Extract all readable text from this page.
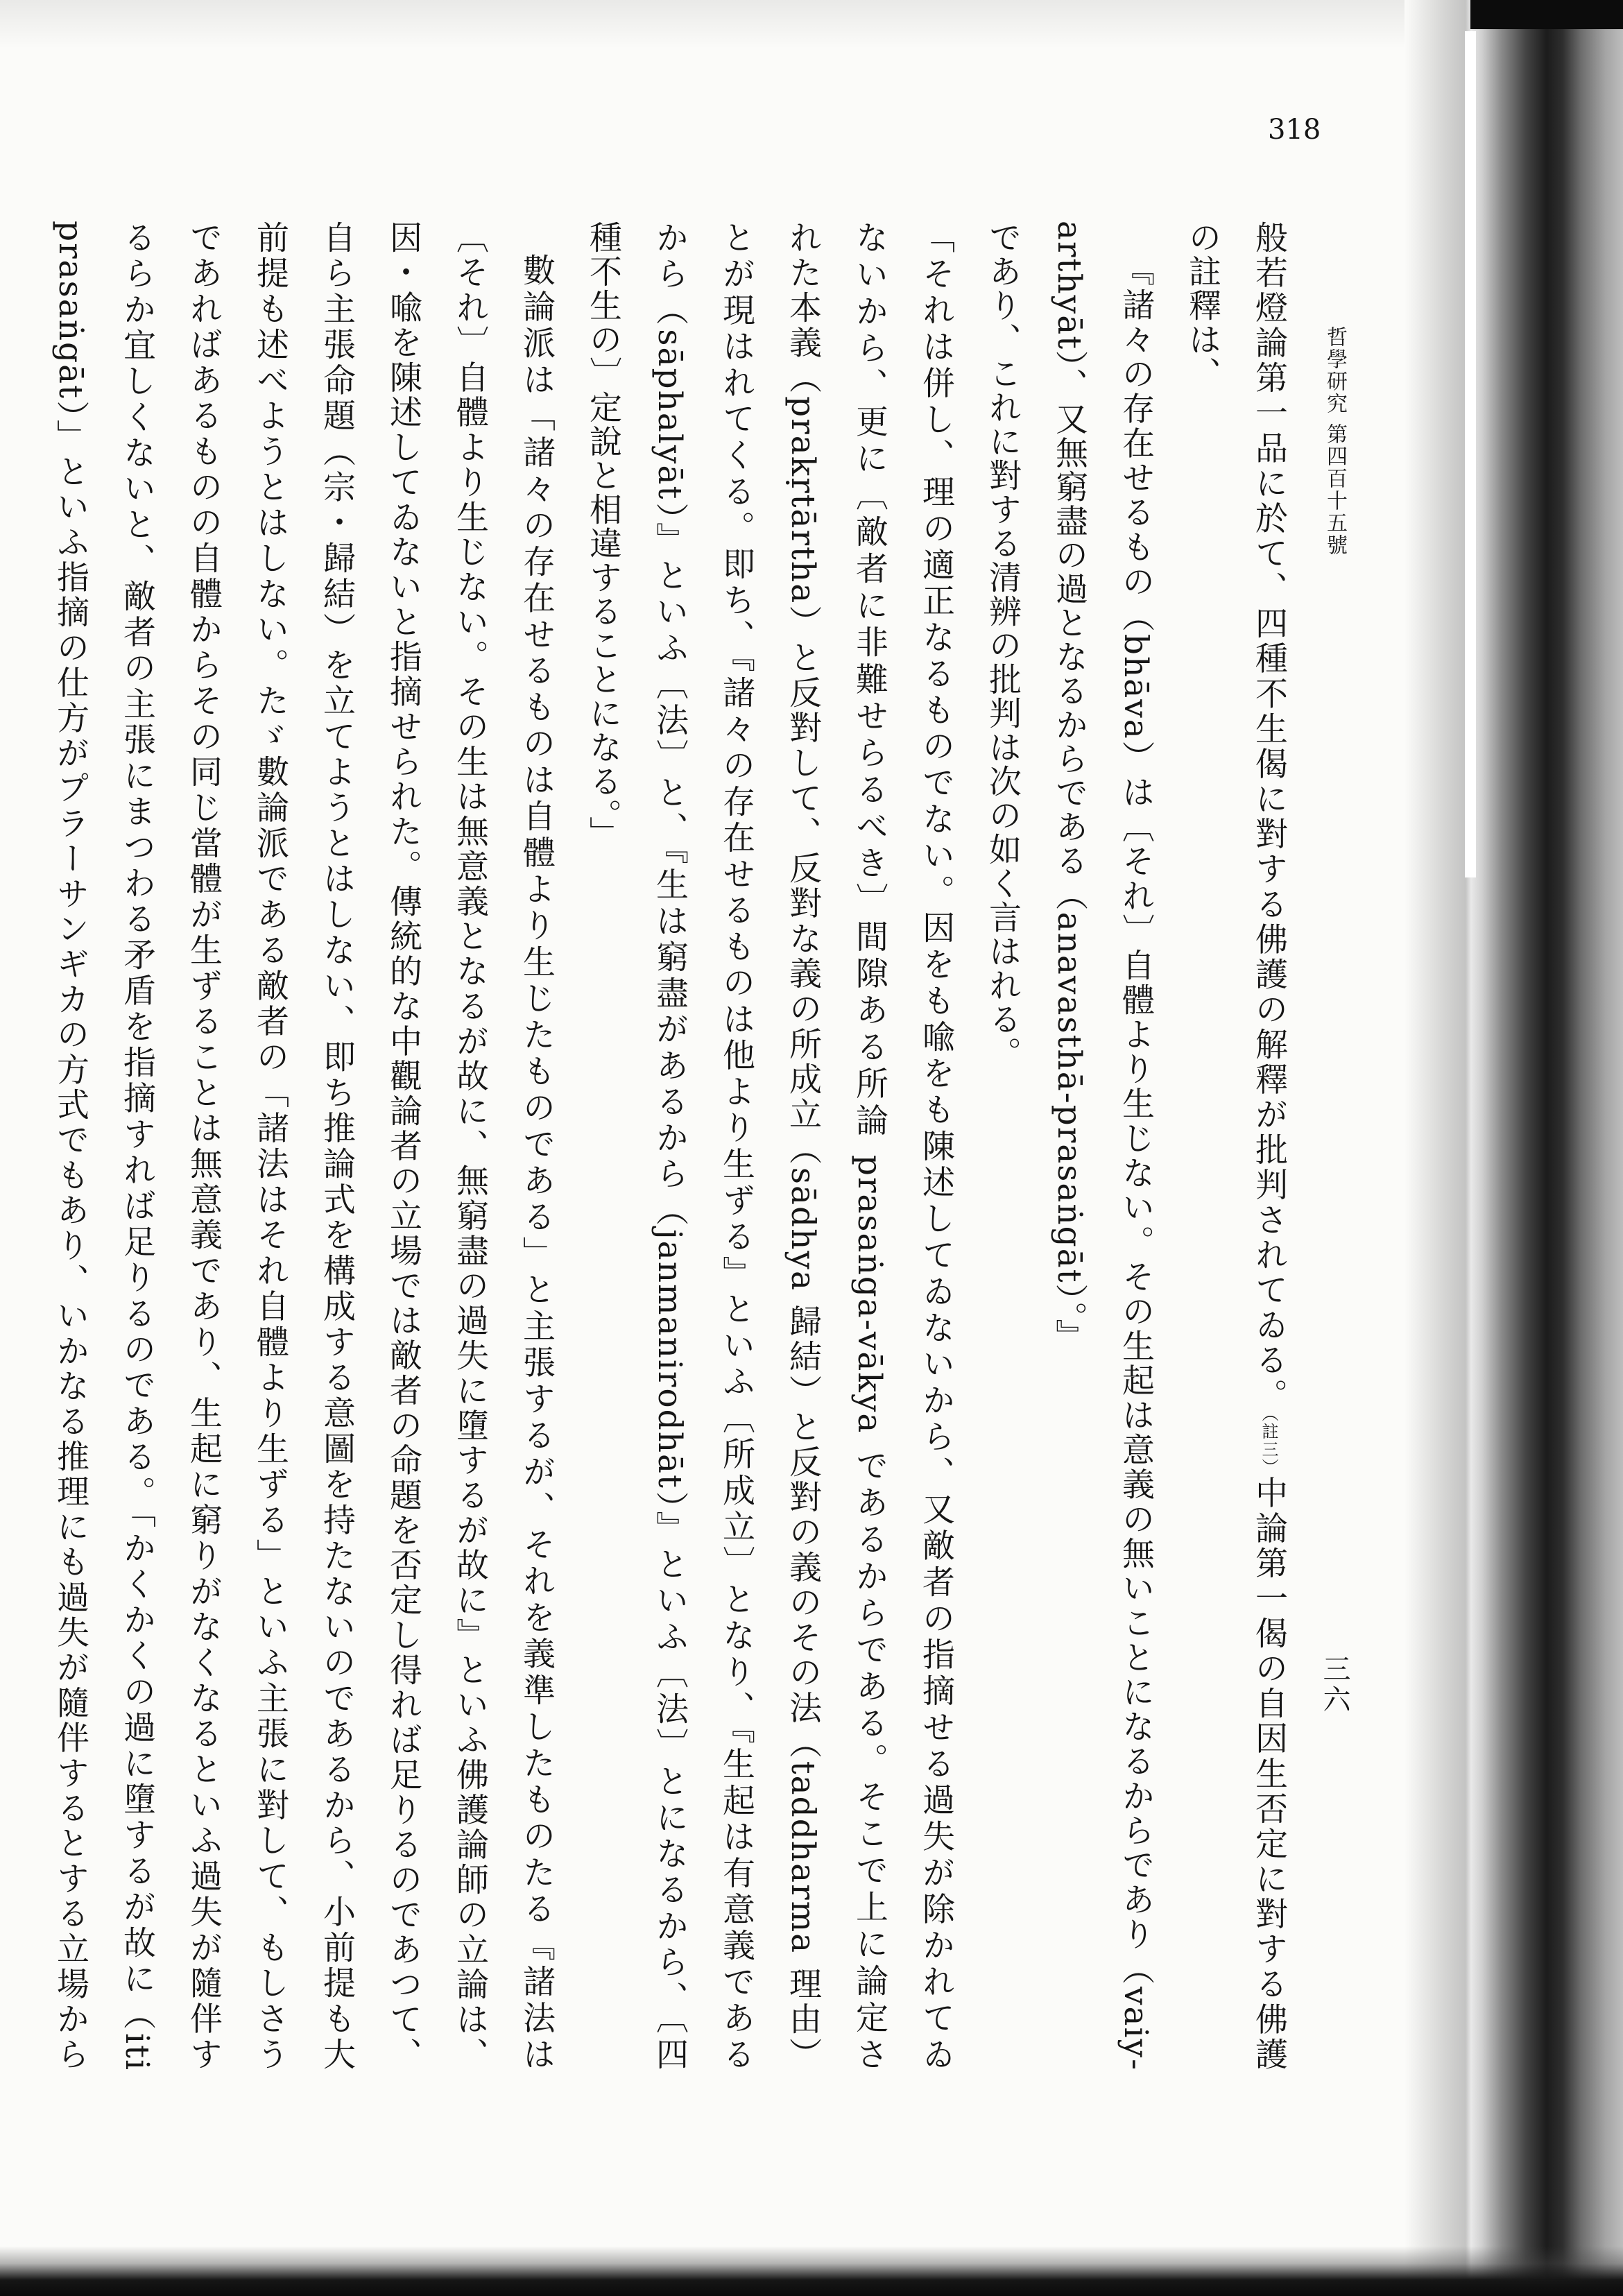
318
哲學研究 第四百十五號
三六
般若燈論第一品に於て、四種不生偈に對する佛護の解釋が批判されてゐる。（註三）中論第一偈の自因生否定に對する佛護
の註釋は、
『諸々の存在せるもの（bhāva）は〔それ〕自體より生じない。その生起は意義の無いことになるからであり（vaiy-
arthyāt）、又無窮盡の過となるからである（anavasthā-prasaṅgāt）。』
であり、これに對する清辨の批判は次の如く言はれる。
「それは併し、理の適正なるものでない。因をも喩をも陳述してゐないから、又敵者の指摘せる過失が除かれてゐ
ないから、更に〔敵者に非難せらるべき〕間隙ある所論 prasaṅga-vākya であるからである。そこで上に論定さ
れた本義（prakṛtārtha）と反對して、反對な義の所成立（sādhya 歸結）と反對の義のその法（taddharma 理由）
とが現はれてくる。即ち、『諸々の存在せるものは他より生ずる』といふ〔所成立〕となり、『生起は有意義である
から（sāphalyāt）』といふ〔法〕と、『生は窮盡があるから（janmanirodhāt）』といふ〔法〕とになるから、〔四
種不生の〕定說と相違することになる。」
數論派は「諸々の存在せるものは自體より生じたものである」と主張するが、それを義準したものたる『諸法は
〔それ〕自體より生じない。その生は無意義となるが故に、無窮盡の過失に墮するが故に』といふ佛護論師の立論は、
因・喩を陳述してゐないと指摘せられた。傳統的な中觀論者の立場では敵者の命題を否定し得れば足りるのであつて、
自ら主張命題（宗・歸結）を立てようとはしない、即ち推論式を構成する意圖を持たないのであるから、小前提も大
前提も述べようとはしない。たゞ數論派である敵者の「諸法はそれ自體より生ずる」といふ主張に對して、もしさう
であればあるものの自體からその同じ當體が生ずることは無意義であり、生起に窮りがなくなるといふ過失が隨伴す
るらか宜しくないと、敵者の主張にまつわる矛盾を指摘すれば足りるのである。「かくかくの過に墮するが故に（iti
prasaṅgāt）」といふ指摘の仕方がプラーサンギカの方式でもあり、いかなる推理にも過失が隨伴するとする立場から
